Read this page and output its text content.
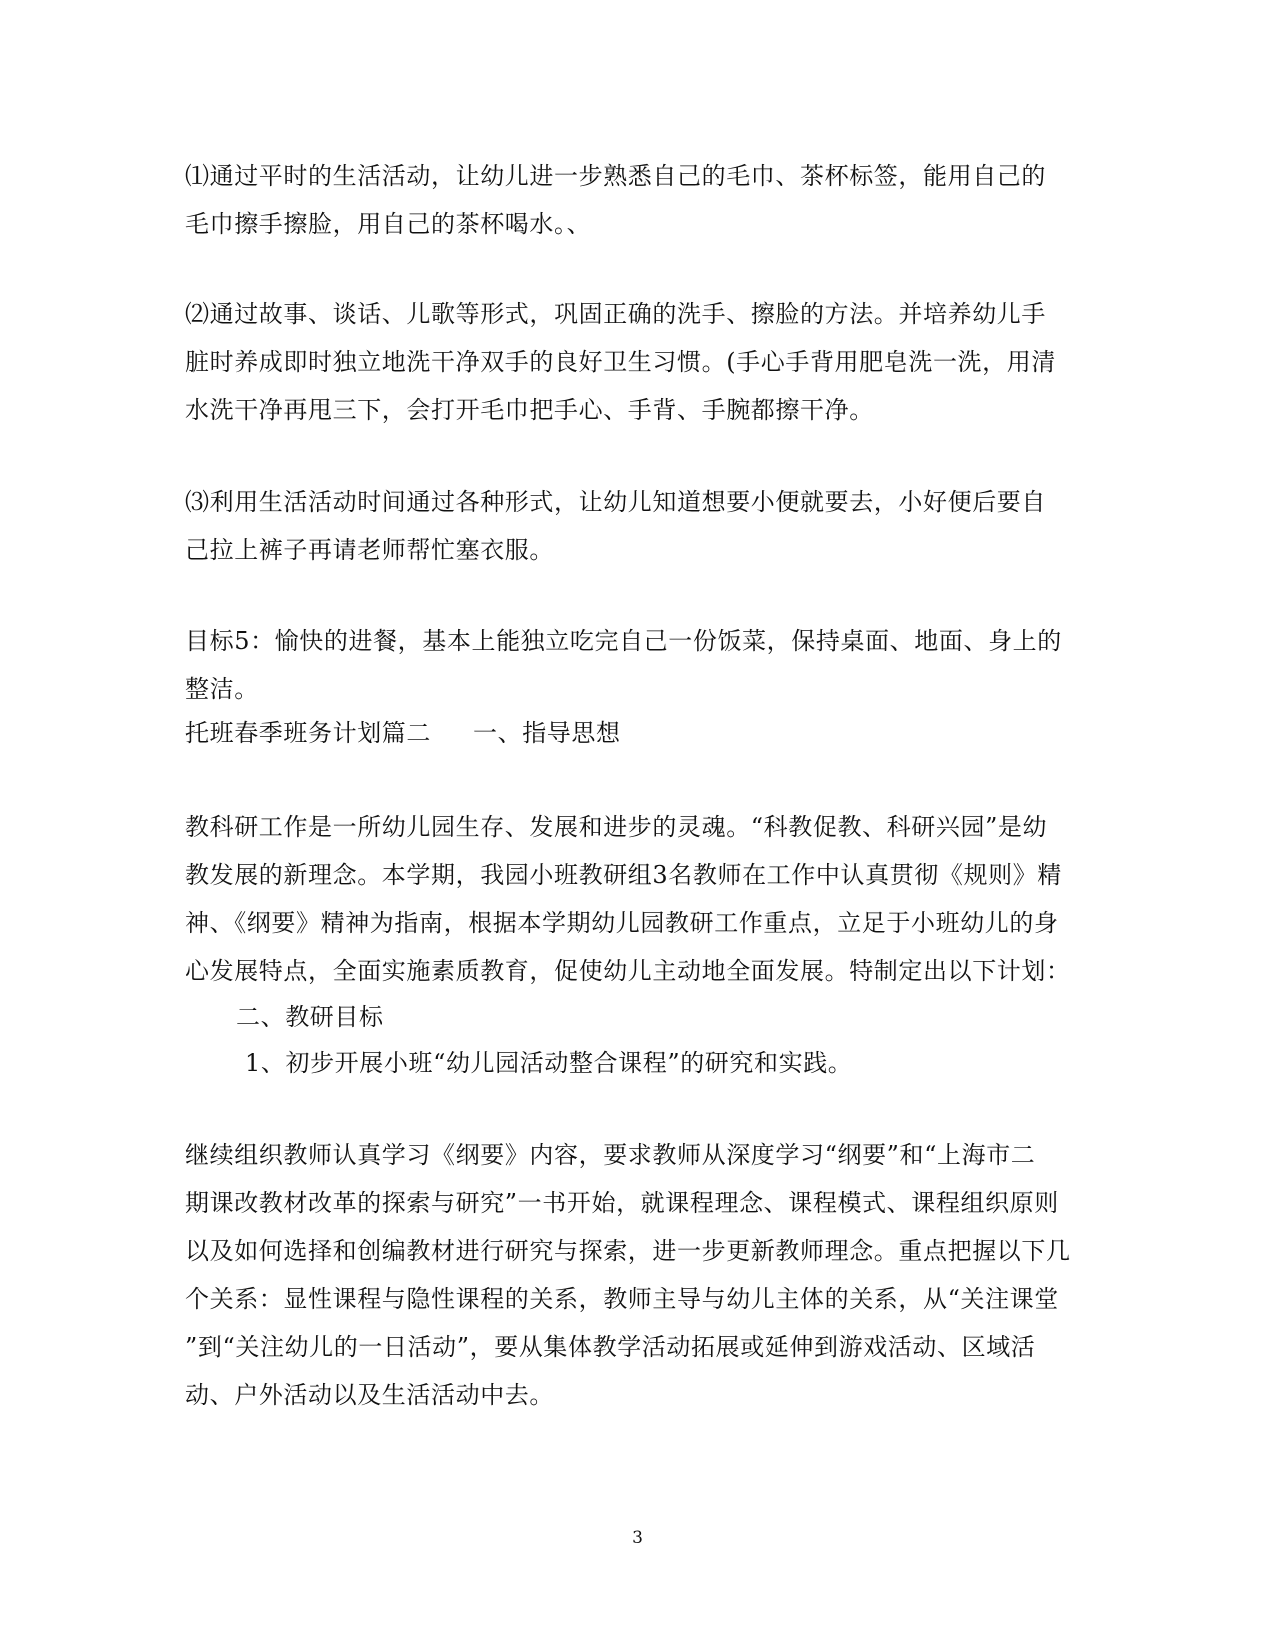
⑴通过平时的生活活动，让幼儿进一步熟悉自己的毛巾、茶杯标签，能用自己的
毛巾擦手擦脸，用自己的茶杯喝水。、
⑵通过故事、谈话、儿歌等形式，巩固正确的洗手、擦脸的方法。并培养幼儿手
脏时养成即时独立地洗干净双手的良好卫生习惯。(手心手背用肥皂洗一洗，用清
水洗干净再甩三下，会打开毛巾把手心、手背、手腕都擦干净。
⑶利用生活活动时间通过各种形式，让幼儿知道想要小便就要去，小好便后要自
己拉上裤子再请老师帮忙塞衣服。
目标5：愉快的进餐，基本上能独立吃完自己一份饭菜，保持桌面、地面、身上的
整洁。
托班春季班务计划篇二 一、指导思想
教科研工作是一所幼儿园生存、发展和进步的灵魂。“科教促教、科研兴园”是幼
教发展的新理念。本学期，我园小班教研组3名教师在工作中认真贯彻《规则》精
神、《纲要》精神为指南，根据本学期幼儿园教研工作重点，立足于小班幼儿的身
心发展特点，全面实施素质教育，促使幼儿主动地全面发展。特制定出以下计划：
二、教研目标
1、初步开展小班“幼儿园活动整合课程”的研究和实践。
继续组织教师认真学习《纲要》内容，要求教师从深度学习“纲要”和“上海市二
期课改教材改革的探索与研究”一书开始，就课程理念、课程模式、课程组织原则
以及如何选择和创编教材进行研究与探索，进一步更新教师理念。重点把握以下几
个关系：显性课程与隐性课程的关系，教师主导与幼儿主体的关系，从“关注课堂
”到“关注幼儿的一日活动”，要从集体教学活动拓展或延伸到游戏活动、区域活
动、户外活动以及生活活动中去。
3
